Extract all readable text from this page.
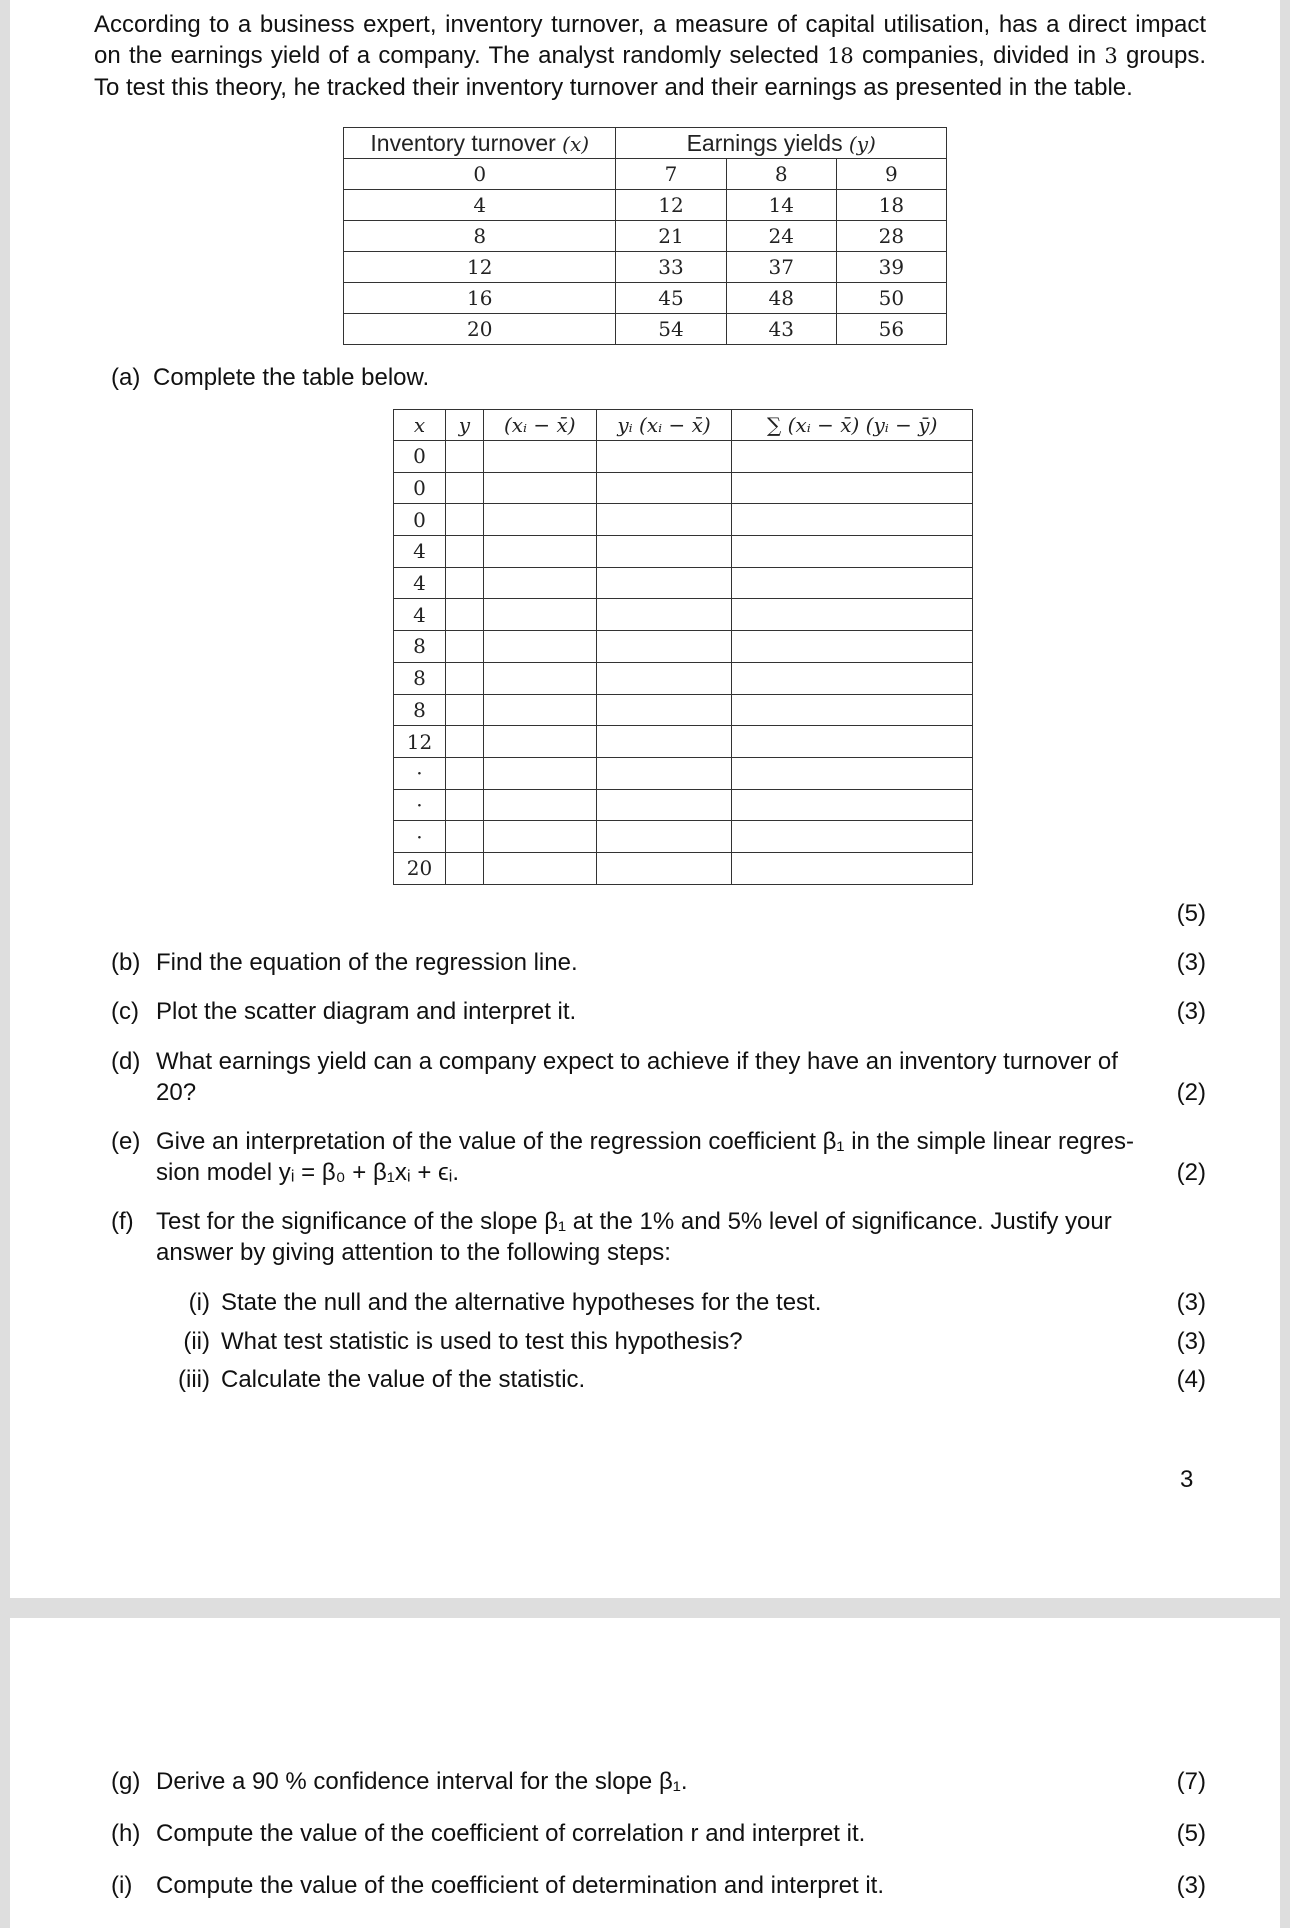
According to a business expert, inventory turnover, a measure of capital utilisation, has a direct impact on the earnings yield of a company. The analyst randomly selected 18 companies, divided in 3 groups. To test this theory, he tracked their inventory turnover and their earnings as presented in the table.
Inventory turnover (x)	Earnings yields (y)		
0	7	8	9
4	12	14	18
8	21	24	28
12	33	37	39
16	45	48	50
20	54	43	56
(a) Complete the table below.
x	y	(xᵢ − x̄)	yᵢ (xᵢ − x̄)	∑ (xᵢ − x̄) (yᵢ − ȳ)
0				
0				
0				
4				
4				
4				
8				
8				
8				
12				
·				
·				
·				
20				
(5)
(b) Find the equation of the regression line.	(3)
(c) Plot the scatter diagram and interpret it.	(3)
(d) What earnings yield can a company expect to achieve if they have an inventory turnover of
20?	(2)
(e) Give an interpretation of the value of the regression coefficient β₁ in the simple linear regres-
sion model yᵢ = β₀ + β₁xᵢ + ϵᵢ.	(2)
(f) Test for the significance of the slope β₁ at the 1% and 5% level of significance. Justify your
answer by giving attention to the following steps:
(i) State the null and the alternative hypotheses for the test.	(3)
(ii) What test statistic is used to test this hypothesis?	(3)
(iii) Calculate the value of the statistic.	(4)
3
(g) Derive a 90 % confidence interval for the slope β₁.	(7)
(h) Compute the value of the coefficient of correlation r and interpret it.	(5)
(i) Compute the value of the coefficient of determination and interpret it.	(3)
